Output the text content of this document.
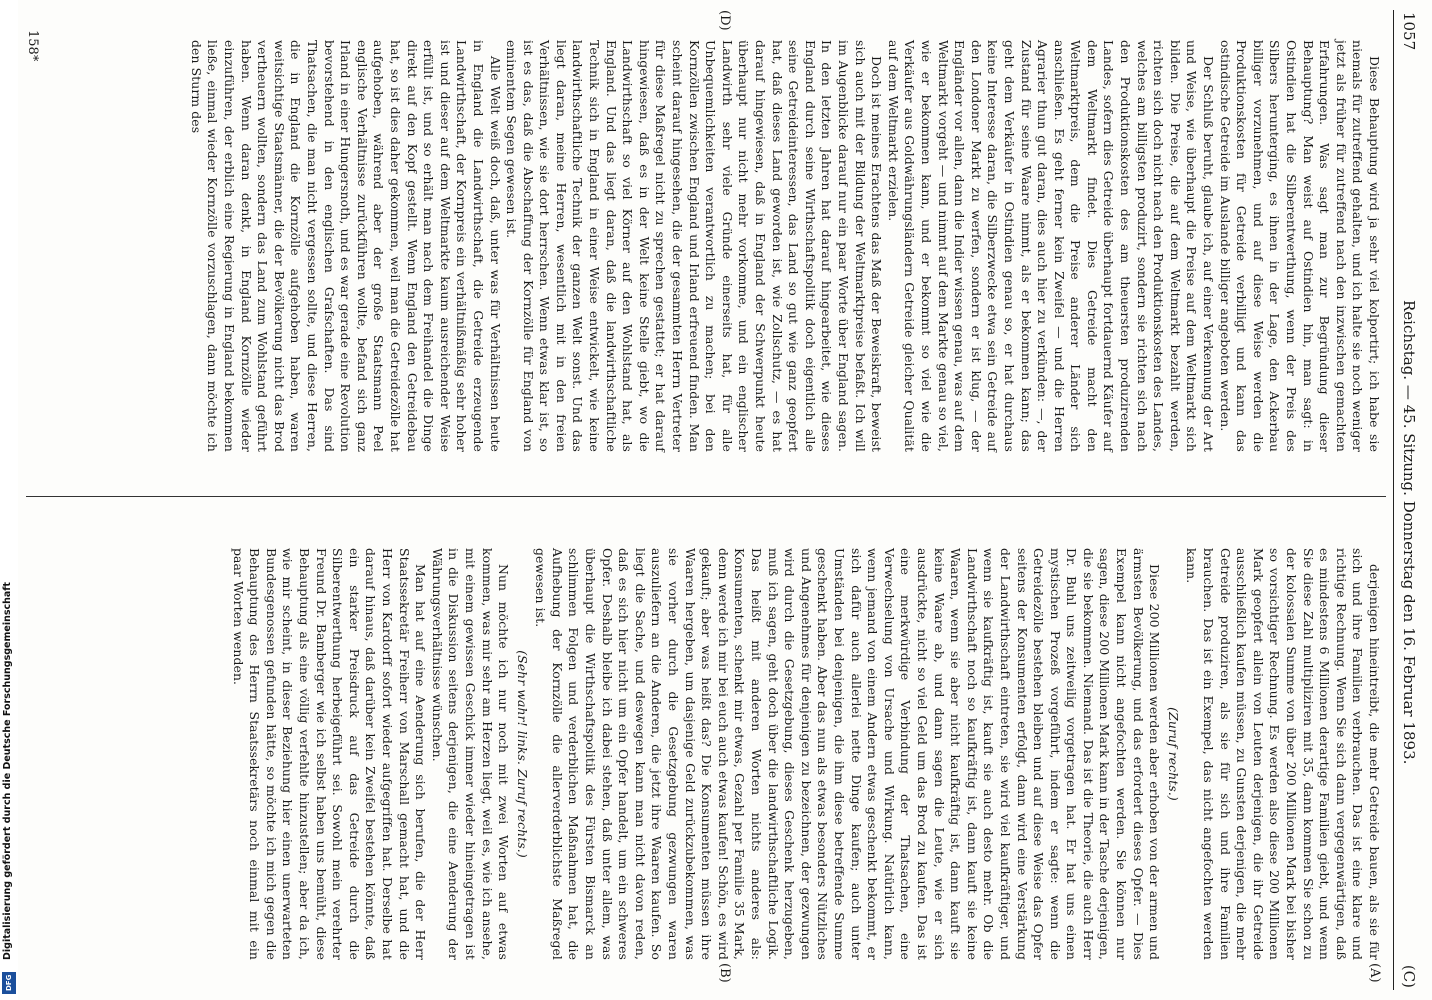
1057
Reichstag. — 45. Sitzung. Donnerstag den 16. Februar 1893.
(C)

derjenigen hineintreibt, die mehr Getreide bauen, als sie für sich und ihre Familien verbrauchen. Das ist eine klare und richtige Rechnung. Wenn Sie sich dann vergegenwärtigen, daß es mindestens 6 Millionen derartige Familien giebt, und wenn Sie diese Zahl multipliziren mit 35, dann kommen Sie schon zu der kolossalen Summe von über 200 Millionen Mark bei bisher so vorsichtiger Rechnung. Es werden also diese 200 Millionen Mark geopfert allein von Leuten derjenigen, die ihr Getreide ausschließlich kaufen müssen, zu Gunsten derjenigen, die mehr Getreide produziren, als sie für sich und ihre Familien brauchen. Das ist ein Exempel, das nicht angefochten werden kann.

(Zuruf rechts.)

Diese 200 Millionen werden aber erhoben von der armen und ärmsten Bevölkerung, und das erfordert dieses Opfer. — Dies Exempel kann nicht angefochten werden. Sie können nur sagen, diese 200 Millionen Mark kann in der Tasche derjenigen, die sie bekommen. Niemand. Das ist die Theorie, die auch Herr Dr. Buhl uns zeitweilig vorgetragen hat. Er hat uns einen mystischen Prozeß vorgeführt, indem er sagte: wenn die Getreidezölle bestehen bleiben und auf diese Weise das Opfer seitens der Konsumenten erfolgt, dann wird eine Verstärkung der Landwirthschaft eintreten, sie wird viel kaufkräftiger, und wenn sie kaufkräftig ist, kauft sie auch desto mehr. Ob die Landwirthschaft noch so kaufkräftig ist, dann kauft sie keine Waaren, wenn sie aber nicht kaufkräftig ist, dann kauft sie keine Waare ab, und dann sagen die Leute, wie er sich ausdrückte, nicht so viel Geld um das Brod zu kaufen. Das ist eine merkwürdige Verbindung der Thatsachen, eine Verwechselung von Ursache und Wirkung. Natürlich kann, wenn jemand von einem Andern etwas geschenkt bekommt, er sich dafür auch allerlei nette Dinge kaufen; auch unter Umständen bei denjenigen, die ihm diese betreffende Summe geschenkt haben. Aber das nun als etwas besonders Nützliches und Angenehmes für denjenigen zu bezeichnen, der gezwungen wird durch die Gesetzgebung, dieses Geschenk herzugeben, muß ich sagen, geht doch über die landwirthschaftliche Logik. Das heißt mit anderen Worten nichts anderes als: Konsumenten, schenkt mir etwas, Gezahl per Familie 35 Mark, denn werde ich mir bei euch auch etwas kaufen! Schön, es wird gekauft; aber was heißt das? Die Konsumenten müssen ihre Waaren hergeben, um dasjenige Geld zurückzubekommen, was sie vorher durch die Gesetzgebung gezwungen waren auszuliefern an die Anderen, die jetzt ihre Waaren kaufen. So liegt die Sache, und deswegen kann man nicht davon reden, daß es sich hier nicht um ein Opfer handelt, um ein schweres Opfer. Deshalb bleibe ich dabei stehen, daß unter allem, was überhaupt die Wirthschaftspolitik des Fürsten Bismarck an schlimmen Folgen und verderblichen Maßnahmen hat, die Aufhebung der Kornzölle die allerverderblichste Maßregel gewesen ist.

(Sehr wahr! links. Zuruf rechts.)

Nun möchte ich nur noch mit zwei Worten auf etwas kommen, was mir sehr am Herzen liegt, weil es, wie ich ansehe, mit einem gewissen Geschick immer wieder hineingetragen ist in die Diskussion seitens derjenigen, die eine Aenderung der Währungsverhältnisse wünschen.

Man hat auf eine Aenderung sich berufen, die der Herr Staatssekretär Freiherr von Marschall gemacht hat, und die Herr von Kardorff sofort wieder aufgegriffen hat. Derselbe hat darauf hinaus, daß darüber kein Zweifel bestehen könnte, daß ein starker Preisdruck auf das Getreide durch die Silberentwerthung herbeigeführt sei. Sowohl mein verehrter Freund Dr. Bamberger wie ich selbst haben uns bemüht, diese Behauptung als eine völlig verfehlte hinzustellen; aber da ich, wie mir scheint, in dieser Beziehung hier einen unerwarteten Bundesgenossen gefunden hätte, so möchte ich mich gegen die Behauptung des Herrn Staatssekretärs noch einmal mit ein paar Worten wenden.

Diese Behauptung wird ja sehr viel kolportirt; ich habe sie niemals für zutreffend gehalten, und ich halte sie noch weniger jetzt als früher für zutreffend nach den inzwischen gemachten Erfahrungen. Was sagt man zur Begründung dieser Behauptung? Man weist auf Ostindien hin, man sagt: in Ostindien hat die Silberentwerthung, wenn der Preis des Silbers herunterging, es ihnen in der Lage, den Ackerbau billiger vorzunehmen, und auf diese Weise werden die Produktionskosten für Getreide verbilligt und kann das ostindische Getreide im Auslande billiger angeboten werden.

Der Schluß beruht, glaube ich, auf einer Verkennung der Art und Weise, wie überhaupt die Preise auf dem Weltmarkt sich bilden. Die Preise, die auf dem Weltmarkt bezahlt werden, richten sich doch nicht nach den Produktionskosten des Landes, welches am billigsten produzirt, sondern sie richten sich nach den Produktionskosten des am theuersten produzirenden Landes, sofern dies Getreide überhaupt fortdauernd Käufer auf dem Weltmarkt findet. Dies Getreide macht den Weltmarktpreis, dem die Preise anderer Länder sich anschließen. Es geht ferner kein Zweifel — und die Herren Agrarier thun gut daran, dies auch hier zu verkünden: —, der Zustand für seine Waare nimmt, als er bekommen kann; das geht dem Verkäufer in Ostindien genau so, er hat durchaus keine Interesse daran, die Silberzwecke etwa sein Getreide auf den Londoner Markt zu werfen, sondern er ist klug, — der Engländer vor allen, dann die Indier wissen genau, was auf dem Weltmarkt vorgeht — und nimmt auf dem Markte genau so viel, wie er bekommen kann, und er bekommt so viel wie die Verkäufer aus Goldwährungsländern Getreide gleicher Qualität auf dem Weltmarkt erzielen.

Doch ist meines Erachtens das Maß der Beweiskraft, beweist sich auch mit der Bildung der Weltmarktpreise befaßt. Ich will im Augenblicke darauf nur ein paar Worte über England sagen. In den letzten Jahren hat darauf hingearbeitet, wie dieses England durch seine Wirthschaftspolitik doch eigentlich alle seine Getreideinteressen, das Land so gut wie ganz geopfert hat, daß dieses Land geworden ist, wie Zollschutz, — es hat darauf hingewiesen, daß in England der Schwerpunkt heute überhaupt nur nicht mehr vorkomme, und ein englischer Landwirth sehr viele Gründe einerseits hat, für alle Unbequemlichkeiten verantwortlich zu machen; bei den Kornzöllen zwischen England und Irland erfreuend finden. Man scheint darauf hingesehen, die der gesammten Herrn Vertreter für diese Maßregel nicht zu sprechen gestattet; er hat darauf hingewiesen, daß es in der Welt keine Stelle giebt, wo die Landwirthschaft so viel Körner auf den Wohlstand hat, als England. Und das liegt daran, daß die landwirthschaftliche Technik sich in England in einer Weise entwickelt, wie keine landwirthschaftliche Technik der ganzen Welt sonst. Und das liegt daran, meine Herren, wesentlich mit in den freien Verhältnissen, wie sie dort herrschen. Wenn etwas klar ist, so ist es das, daß die Abschaffung der Kornzölle für England von eminentem Segen gewesen ist.

Alle Welt weiß doch, daß, unter was für Verhältnissen heute in England die Landwirthschaft, die Getreide erzeugende Landwirthschaft, der Kornpreis ein verhältnißmäßig sehr hoher ist und dieser auf dem Weltmarkte kaum ausreichender Weise erfüllt ist, und so erhält man nach dem Freihandel die Dinge direkt auf den Kopf gestellt. Wenn England den Getreidebau hat, so ist dies daher gekommen, weil man die Getreidezölle hat aufgehoben, während aber der große Staatsmann Peel englische Verhältnisse zurückführen wollte, befand sich ganz Irland in einer Hungersnoth, und es war gerade eine Revolution bevorstehend in den englischen Grafschaften. Das sind Thatsachen, die man nicht vergessen sollte, und diese Herren, die in England die Kornzölle aufgehoben haben, waren weitsichtige Staatsmänner, die der Bevölkerung nicht das Brod vertheuern wollten, sondern das Land zum Wohlstand geführt haben. Wenn daran denkt, in England Kornzölle wieder einzuführen, der erblich eine Regierung in England bekommen ließe, einmal wieder Kornzölle vorzuschlagen, dann möchte ich den Sturm des

(A)
(B)
(D)
158*
Digitalisierung gefördert durch die Deutsche Forschungsgemeinschaft
DFG
